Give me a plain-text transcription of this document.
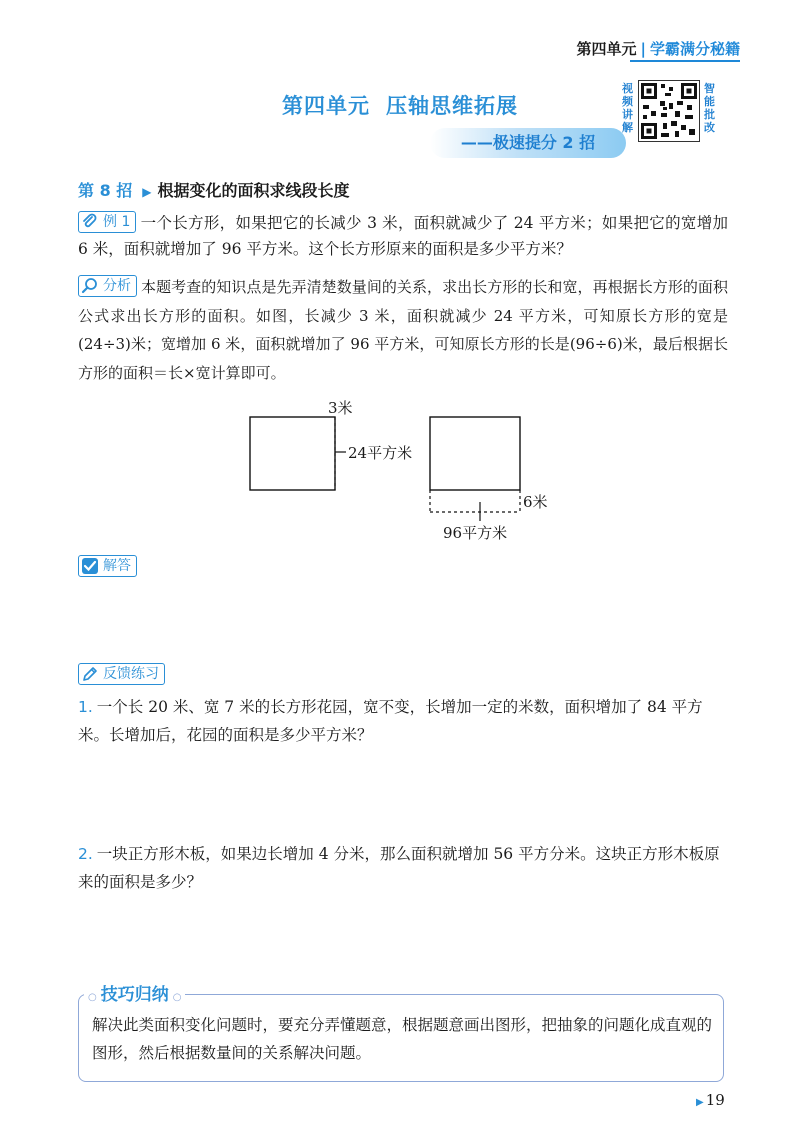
第四单元 | 学霸满分秘籍
第四单元 压轴思维拓展
——极速提分 2 招
视频讲解
智能批改
第 8 招 ▶ 根据变化的面积求线段长度
例 1 一个长方形，如果把它的长减少 3 米，面积就减少了 24 平方米；如果把它的宽增加 6 米，面积就增加了 96 平方米。这个长方形原来的面积是多少平方米？
分析 本题考查的知识点是先弄清楚数量间的关系，求出长方形的长和宽，再根据长方形的面积公式求出长方形的面积。如图，长减少 3 米，面积就减少 24 平方米，可知原长方形的宽是(24÷3)米；宽增加 6 米，面积就增加了 96 平方米，可知原长方形的长是(96÷6)米，最后根据长方形的面积＝长×宽计算即可。
3米
24平方米
6米
96平方米
解答
反馈练习
1. 一个长 20 米、宽 7 米的长方形花园，宽不变，长增加一定的米数，面积增加了 84 平方米。长增加后，花园的面积是多少平方米？
2. 一块正方形木板，如果边长增加 4 分米，那么面积就增加 56 平方分米。这块正方形木板原来的面积是多少？
○ 技巧归纳 ○
解决此类面积变化问题时，要充分弄懂题意，根据题意画出图形，把抽象的问题化成直观的图形，然后根据数量间的关系解决问题。
▶ 19
